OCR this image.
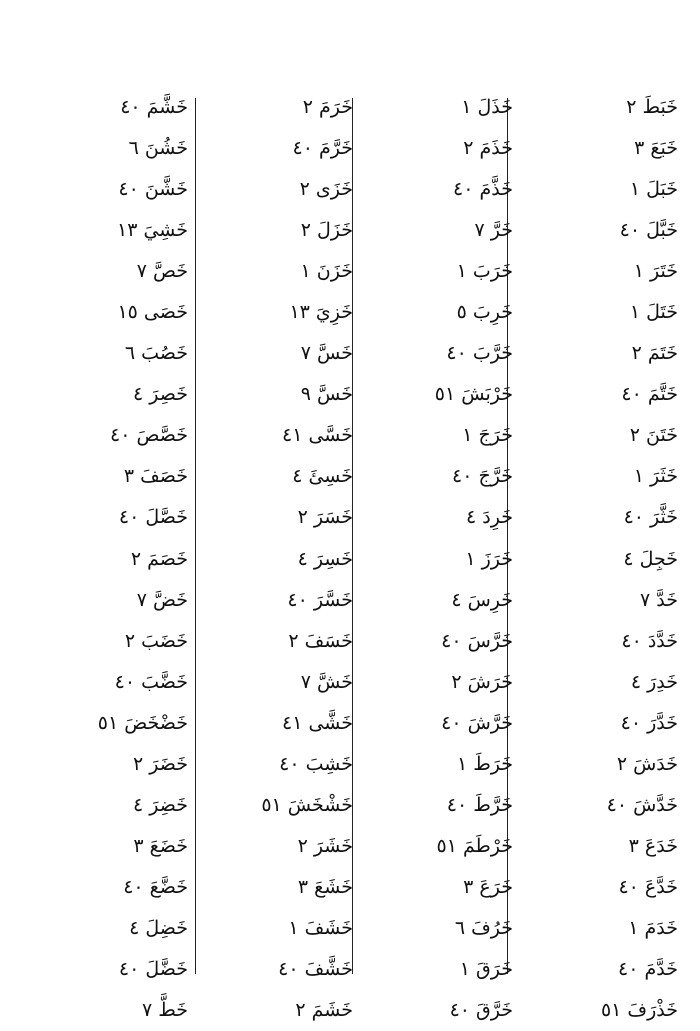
خَبَطَ ۲
خَبَعَ ۳
خَبَلَ ۱
خَبَّلَ ٤٠
خَتَرَ ۱
خَتَلَ ۱
خَتَمَ ۲
خَتَّمَ ٤٠
خَتَنَ ۲
خَثَرَ ۱
خَثَّرَ ٤٠
خَجِلَ ٤
خَدَّ ۷
خَدَّدَ ٤٠
خَدِرَ ٤
خَدَّرَ ٤٠
خَدَشَ ۲
خَدَّشَ ٤٠
خَدَعَ ۳
خَدَّعَ ٤٠
خَدَمَ ۱
خَدَّمَ ٤٠
خَذْرَفَ ٥١
خَذَلَ ۱
خَذَمَ ۲
خَذَّمَ ٤٠
خَرَّ ۷
خَرَبَ ۱
خَرِبَ ٥
خَرَّبَ ٤٠
خَرْبَشَ ٥١
خَرَجَ ۱
خَرَّجَ ٤٠
خَرِدَ ٤
خَرَزَ ۱
خَرِسَ ٤
خَرَّسَ ٤٠
خَرَشَ ۲
خَرَّشَ ٤٠
خَرَطَ ۱
خَرَّطَ ٤٠
خَرْطَمَ ٥١
خَرَعَ ۳
خَرُفَ ٦
خَرَقَ ۱
خَرَّقَ ٤٠
خَرَمَ ۲
خَرَّمَ ٤٠
خَزَى ۲
خَزَلَ ۲
خَزَنَ ۱
خَزِيَ ١٣
خَسَّ ۷
خَسَّ ۹
خَسَّى ٤١
خَسِئَ ٤
خَسَرَ ۲
خَسِرَ ٤
خَسَّرَ ٤٠
خَسَفَ ۲
خَشَّ ۷
خَشَّى ٤١
خَشِبَ ٤٠
خَشْخَشَ ٥١
خَشَرَ ۲
خَشَعَ ۳
خَشَفَ ۱
خَشَّفَ ٤٠
خَشَمَ ۲
خَشَّمَ ٤٠
خَشُنَ ٦
خَشَّنَ ٤٠
خَشِيَ ١٣
خَصَّ ۷
خَصَى ١٥
خَصُبَ ٦
خَصِرَ ٤
خَصَّصَ ٤٠
خَصَفَ ۳
خَصَّلَ ٤٠
خَصَمَ ۲
خَضَّ ۷
خَضَبَ ۲
خَضَّبَ ٤٠
خَضْخَضَ ٥١
خَضَرَ ۲
خَضِرَ ٤
خَضَعَ ۳
خَضَّعَ ٤٠
خَضِلَ ٤
خَضَّلَ ٤٠
خَطَّ ۷
